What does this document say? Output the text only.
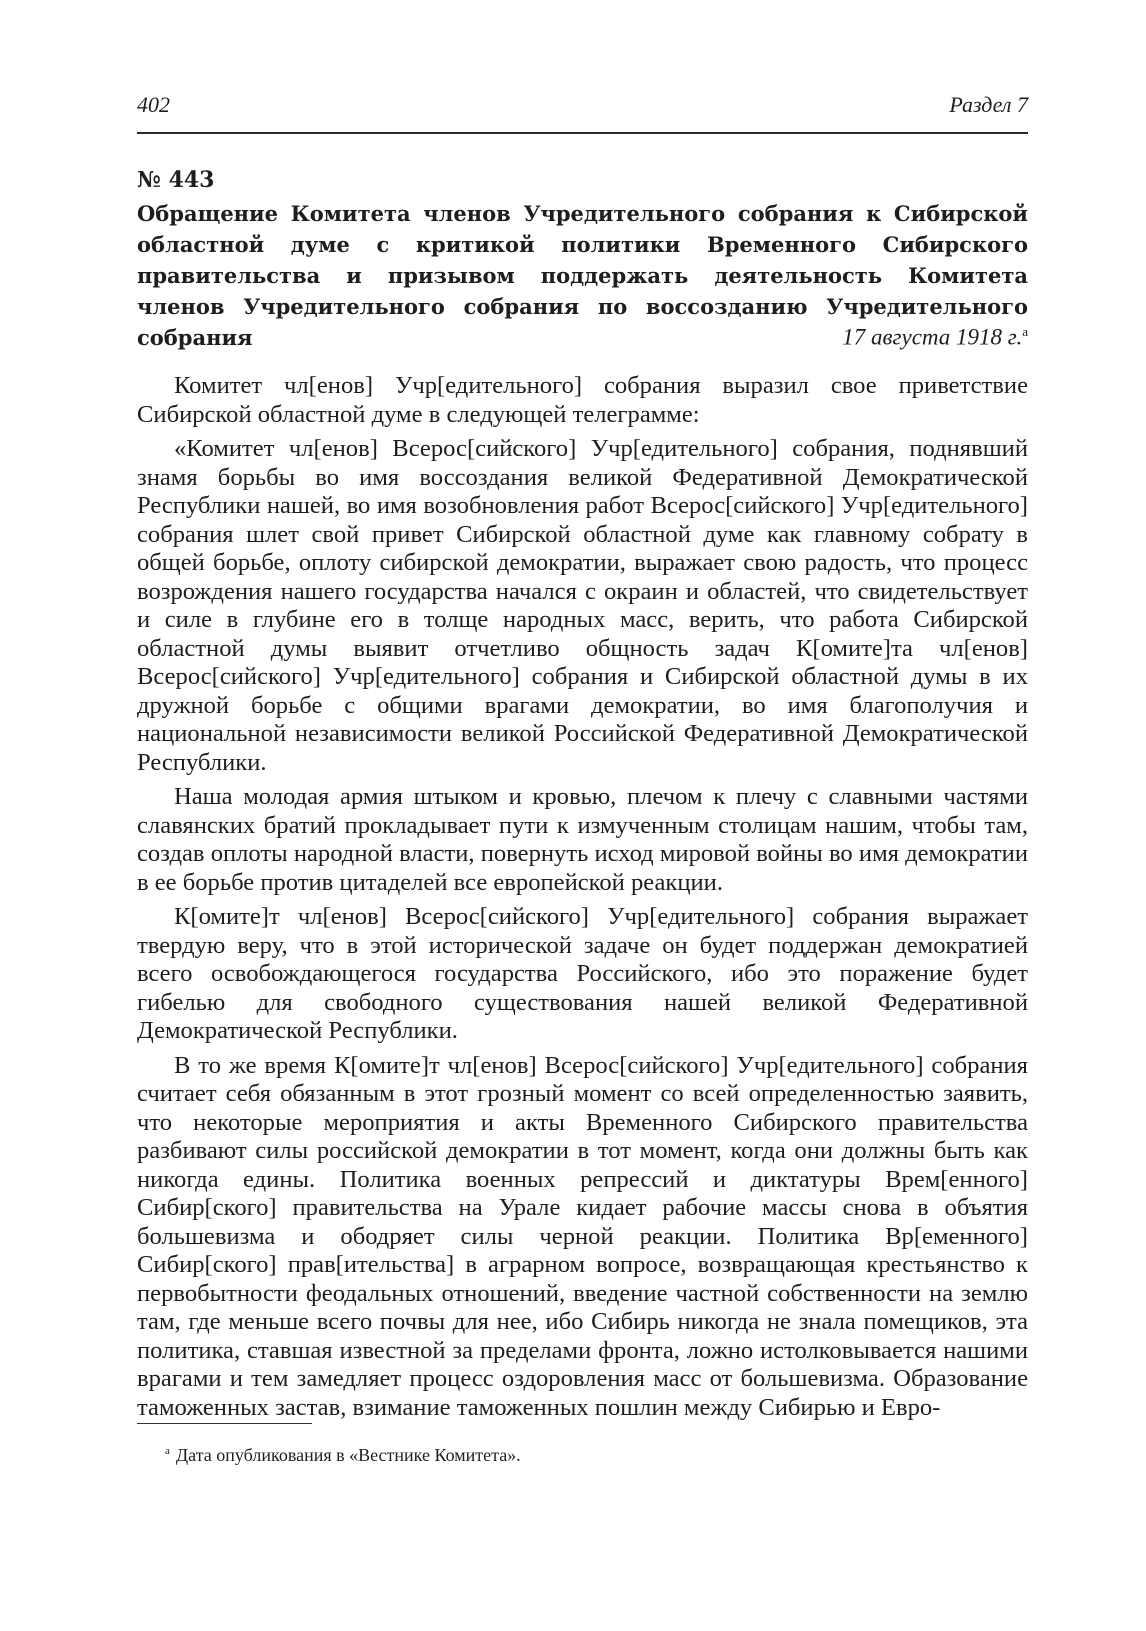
402	Раздел 7
№ 443
Обращение Комитета членов Учредительного собрания к Сибирской областной думе с критикой политики Временного Сибирского правительства и призывом поддержать деятельность Комитета членов Учредительного собрания по воссозданию Учредительного собрания	17 августа 1918 г.$^а$

Комитет чл[енов] Учр[едительного] собрания выразил свое приветствие Сибирской областной думе в следующей телеграмме:

«Комитет чл[енов] Всерос[сийского] Учр[едительного] собрания, поднявший знамя борьбы во имя воссоздания великой Федеративной Демократической Республики нашей, во имя возобновления работ Всерос[сийского] Учр[едительного] собрания шлет свой привет Сибирской областной думе как главному собрату в общей борьбе, оплоту сибирской демократии, выражает свою радость, что процесс возрождения нашего государства начался с окраин и областей, что свидетельствует и силе в глубине его в толще народных масс, верить, что работа Сибирской областной думы выявит отчетливо общность задач К[омите]та чл[енов] Всерос[сийского] Учр[едительного] собрания и Сибирской областной думы в их дружной борьбе с общими врагами демократии, во имя благополучия и национальной независимости великой Российской Федеративной Демократической Республики.

Наша молодая армия штыком и кровью, плечом к плечу с славными частями славянских братий прокладывает пути к измученным столицам нашим, чтобы там, создав оплоты народной власти, повернуть исход мировой войны во имя демократии в ее борьбе против цитаделей все европейской реакции.

К[омите]т чл[енов] Всерос[сийского] Учр[едительного] собрания выражает твердую веру, что в этой исторической задаче он будет поддержан демократией всего освобождающегося государства Российского, ибо это поражение будет гибелью для свободного существования нашей великой Федеративной Демократической Республики.

В то же время К[омите]т чл[енов] Всерос[сийского] Учр[едительного] собрания считает себя обязанным в этот грозный момент со всей определенностью заявить, что некоторые мероприятия и акты Временного Сибирского правительства разбивают силы российской демократии в тот момент, когда они должны быть как никогда едины. Политика военных репрессий и диктатуры Врем[енного] Сибир[ского] правительства на Урале кидает рабочие массы снова в объятия большевизма и ободряет силы черной реакции. Политика Вр[еменного] Сибир[ского] прав[ительства] в аграрном вопросе, возвращающая крестьянство к первобытности феодальных отношений, введение частной собственности на землю там, где меньше всего почвы для нее, ибо Сибирь никогда не знала помещиков, эта политика, ставшая известной за пределами фронта, ложно истолковывается нашими врагами и тем замедляет процесс оздоровления масс от большевизма. Образование таможенных застав, взимание таможенных пошлин между Сибирью и Евро-

$^а$ Дата опубликования в «Вестнике Комитета».
